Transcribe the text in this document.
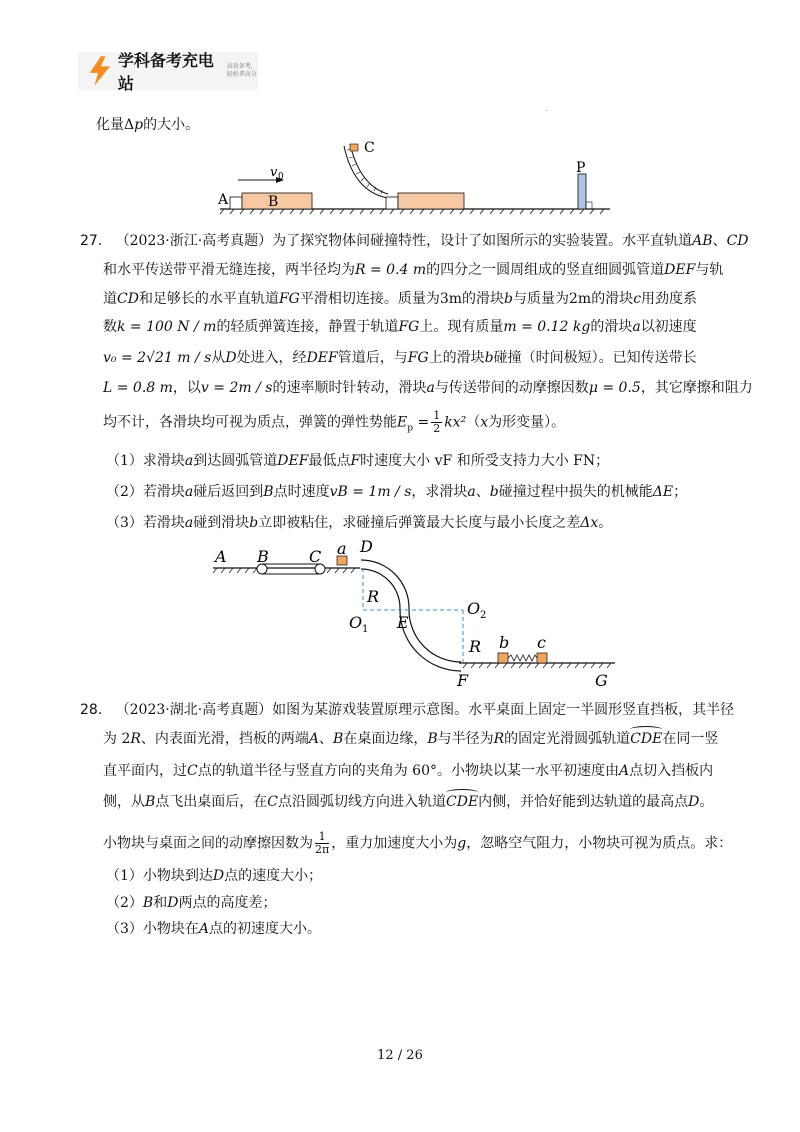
学科备考充电站
高效备考，轻松拿高分
.
化量Δp的大小。
A	B
v 0
C
P
27. （2023·浙江·高考真题）为了探究物体间碰撞特性，设计了如图所示的实验装置。水平直轨道AB、CD
和水平传送带平滑无缝连接，两半径均为R = 0.4 m的四分之一圆周组成的竖直细圆弧管道DEF与轨
道CD和足够长的水平直轨道FG平滑相切连接。质量为3m的滑块b与质量为2m的滑块c用劲度系
数k = 100 N / m的轻质弹簧连接，静置于轨道FG上。现有质量m = 0.12 kg的滑块a以初速度
v₀ = 2√21 m / s从D处进入，经DEF管道后，与FG上的滑块b碰撞（时间极短）。已知传送带长
L = 0.8 m，以v = 2m / s的速率顺时针转动，滑块a与传送带间的动摩擦因数μ = 0.5，其它摩擦和阻力
均不计，各滑块均可视为质点，弹簧的弹性势能$E_p = \frac{1}{2} kx^2(x$为形变量）。
（1）求滑块a到达圆弧管道DEF最低点F时速度大小 vF 和所受支持力大小 FN；
（2）若滑块a碰后返回到B点时速度vB = 1m / s，求滑块a、b碰撞过程中损失的机械能ΔE；
（3）若滑块a碰到滑块b立即被粘住，求碰撞后弹簧最大长度与最小长度之差Δx。
A B	C a D
R
O 1 E
O 2
R b c
F	G
28. （2023·湖北·高考真题）如图为某游戏装置原理示意图。水平桌面上固定一半圆形竖直挡板，其半径
为 2R、内表面光滑，挡板的两端A、B在桌面边缘，B与半径为R的固定光滑圆弧轨道CDE在同一竖
直平面内，过C点的轨道半径与竖直方向的夹角为 60°。小物块以某一水平初速度由A点切入挡板内
侧，从B点飞出桌面后，在C点沿圆弧切线方向进入轨道CDE内侧，并恰好能到达轨道的最高点D。
小物块与桌面之间的动摩擦因数为 $\frac{1}{2\pi}$ ，重力加速度大小为g，忽略空气阻力，小物块可视为质点。求：
（1）小物块到达D点的速度大小；
（2）B和D两点的高度差；
（3）小物块在A点的初速度大小。
12 / 26
